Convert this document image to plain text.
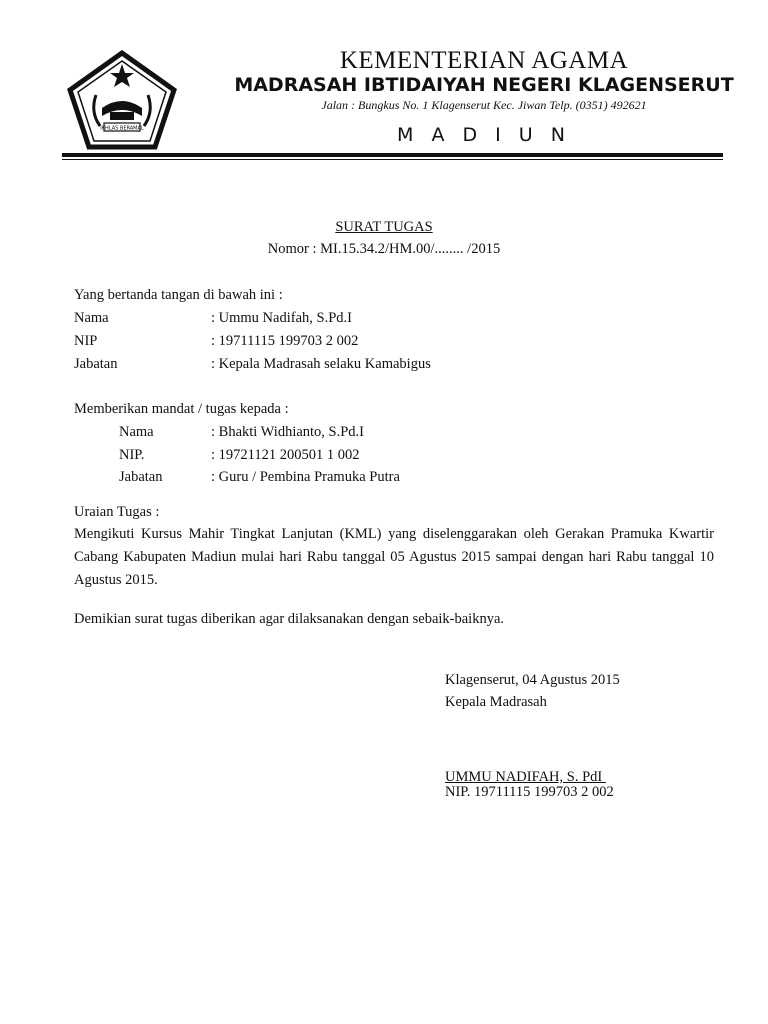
IKHLAS BERAMAL
KEMENTERIAN AGAMA
MADRASAH IBTIDAIYAH NEGERI KLAGENSERUT
Jalan : Bungkus No. 1 Klagenserut Kec. Jiwan Telp. (0351) 492621
M A D I U N
SURAT TUGAS
Nomor : MI.15.34.2/HM.00/........ /2015
Yang bertanda tangan di bawah ini :
Nama	: Ummu Nadifah, S.Pd.I
NIP	: 19711115 199703 2 002
Jabatan	: Kepala Madrasah selaku Kamabigus
Memberikan mandat / tugas kepada :
Nama	: Bhakti Widhianto, S.Pd.I
NIP.	: 19721121 200501 1 002
Jabatan	: Guru / Pembina Pramuka Putra
Uraian Tugas :
Mengikuti Kursus Mahir Tingkat Lanjutan (KML) yang diselenggarakan oleh Gerakan Pramuka Kwartir Cabang Kabupaten Madiun mulai hari Rabu tanggal 05 Agustus 2015 sampai dengan hari Rabu tanggal 10 Agustus 2015.
Demikian surat tugas diberikan agar dilaksanakan dengan sebaik-baiknya.
Klagenserut, 04 Agustus 2015
Kepala Madrasah
UMMU NADIFAH, S. PdI
NIP. 19711115 199703 2 002
